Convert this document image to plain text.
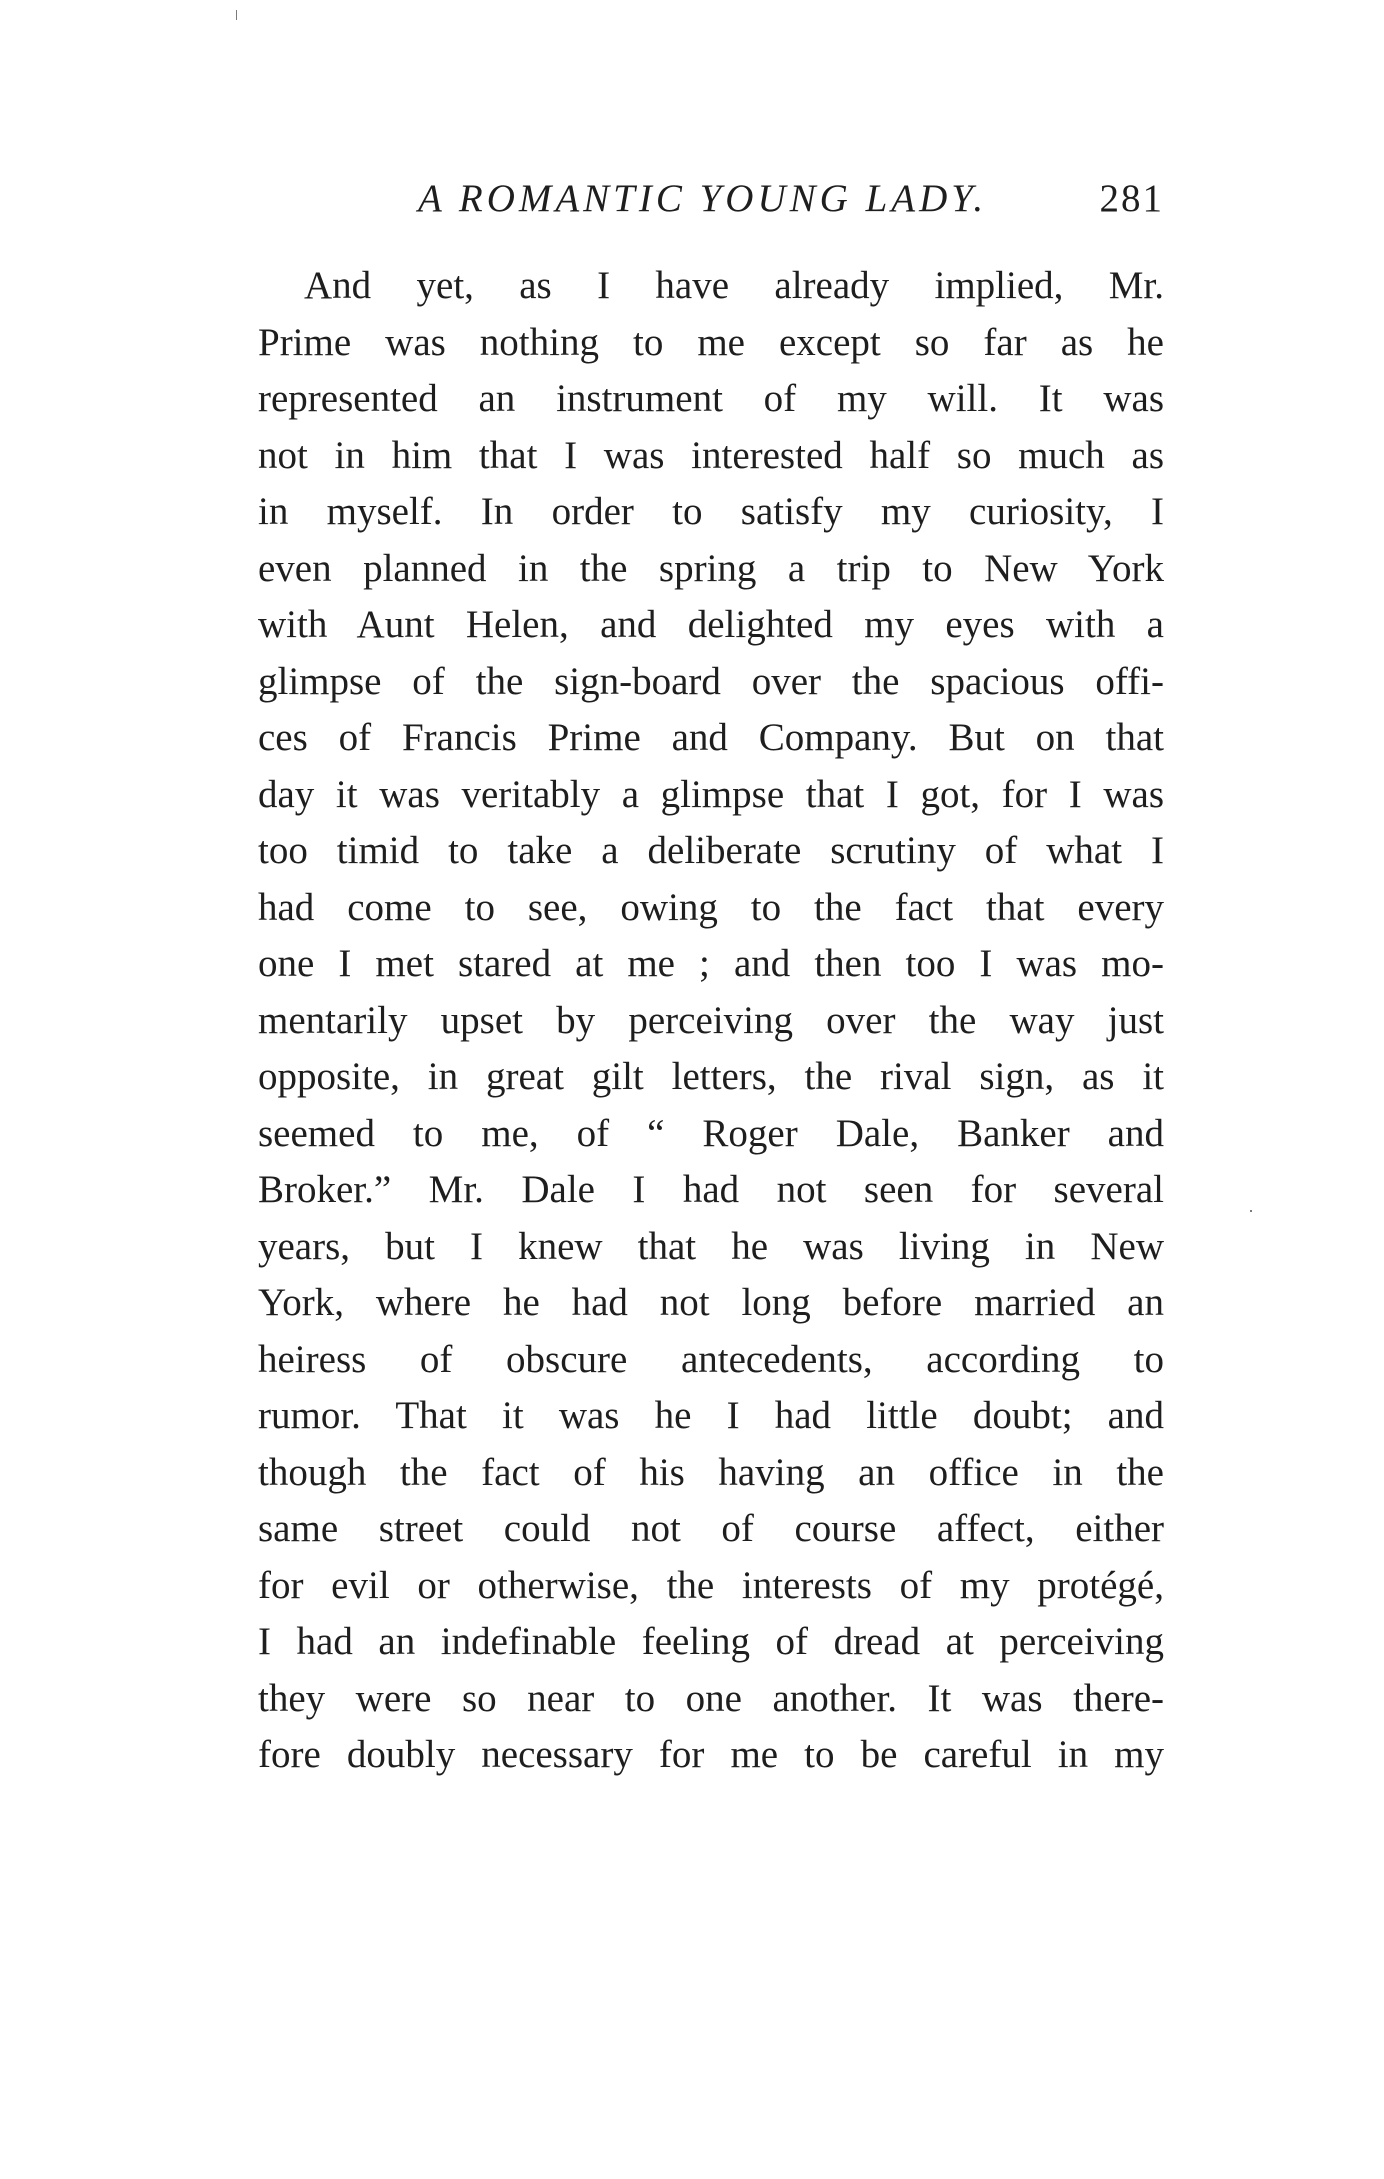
A ROMANTIC YOUNG LADY.	281
And yet, as I have already implied, Mr.
Prime was nothing to me except so far as he
represented an instrument of my will. It was
not in him that I was interested half so much as
in myself. In order to satisfy my curiosity, I
even planned in the spring a trip to New York
with Aunt Helen, and delighted my eyes with a
glimpse of the sign-board over the spacious offi-
ces of Francis Prime and Company. But on that
day it was veritably a glimpse that I got, for I was
too timid to take a deliberate scrutiny of what I
had come to see, owing to the fact that every
one I met stared at me ; and then too I was mo-
mentarily upset by perceiving over the way just
opposite, in great gilt letters, the rival sign, as it
seemed to me, of “ Roger Dale, Banker and
Broker.” Mr. Dale I had not seen for several
years, but I knew that he was living in New
York, where he had not long before married an
heiress of obscure antecedents, according to
rumor. That it was he I had little doubt; and
though the fact of his having an office in the
same street could not of course affect, either
for evil or otherwise, the interests of my protégé,
I had an indefinable feeling of dread at perceiving
they were so near to one another. It was there-
fore doubly necessary for me to be careful in my
